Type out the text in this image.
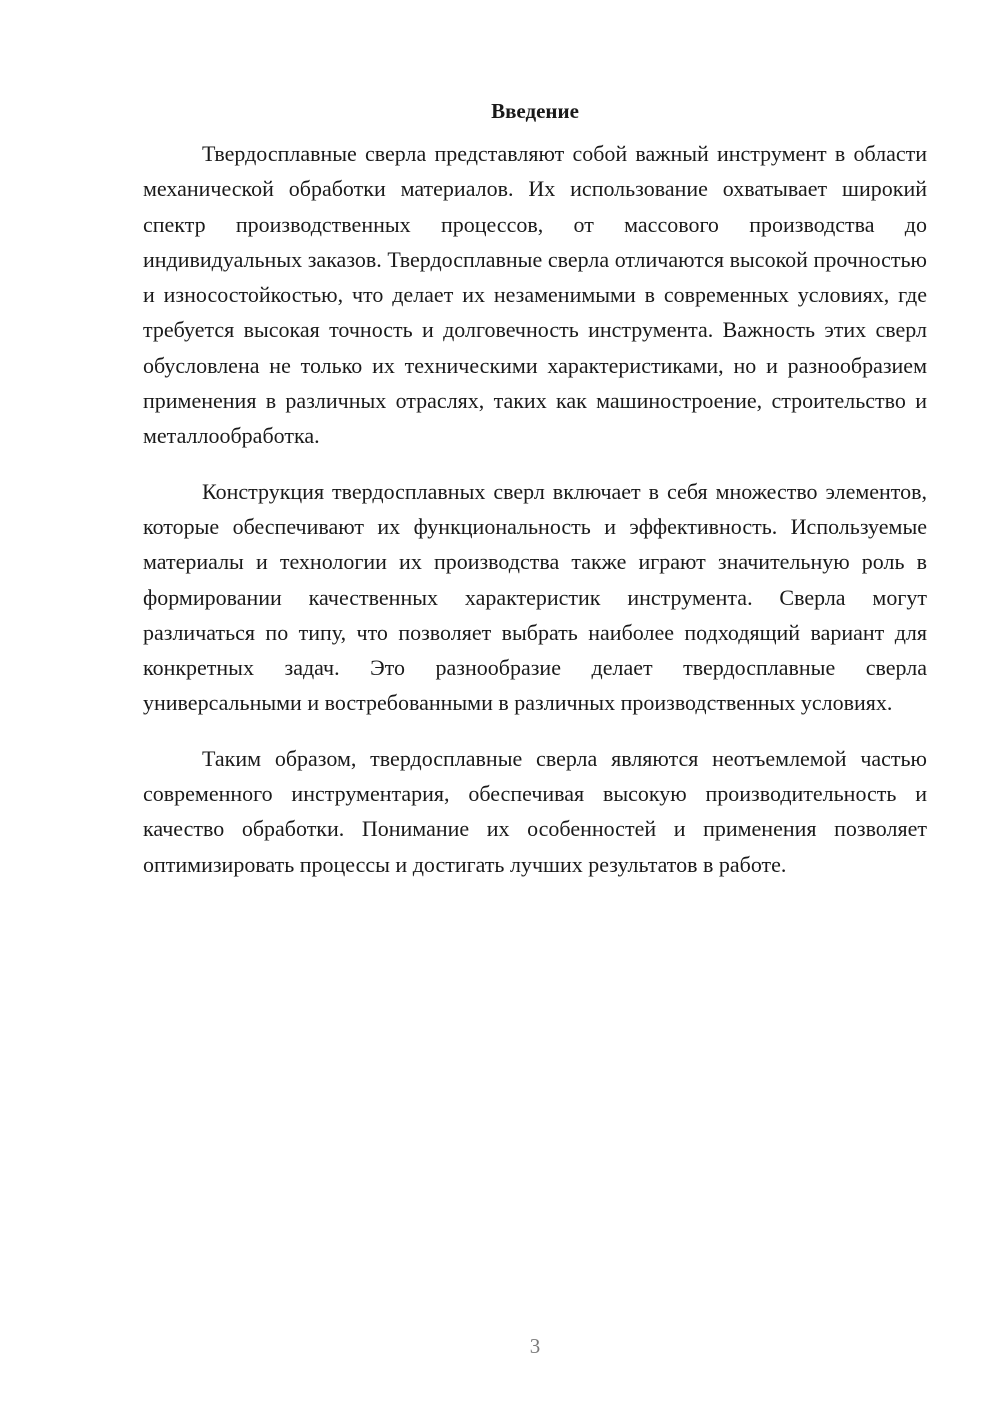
Введение

Твердосплавные сверла представляют собой важный инструмент в области механической обработки материалов. Их использование охватывает широкий спектр производственных процессов, от массового производства до индивидуальных заказов. Твердосплавные сверла отличаются высокой прочностью и износостойкостью, что делает их незаменимыми в современных условиях, где требуется высокая точность и долговечность инструмента. Важность этих сверл обусловлена не только их техническими характеристиками, но и разнообразием применения в различных отраслях, таких как машиностроение, строительство и металлообработка.

Конструкция твердосплавных сверл включает в себя множество элементов, которые обеспечивают их функциональность и эффективность. Используемые материалы и технологии их производства также играют значительную роль в формировании качественных характеристик инструмента. Сверла могут различаться по типу, что позволяет выбрать наиболее подходящий вариант для конкретных задач. Это разнообразие делает твердосплавные сверла универсальными и востребованными в различных производственных условиях.

Таким образом, твердосплавные сверла являются неотъемлемой частью современного инструментария, обеспечивая высокую производительность и качество обработки. Понимание их особенностей и применения позволяет оптимизировать процессы и достигать лучших результатов в работе.

3
